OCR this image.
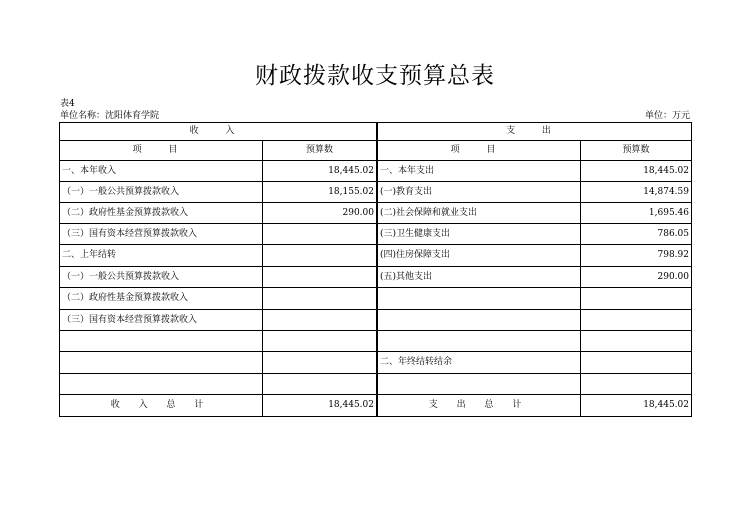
财政拨款收支预算总表
表4
单位名称：沈阳体育学院	单位：万元
收 入		支 出	
项 目	预算数		项 目	预算数
一、本年收入	18,445.02		一、本年支出	18,445.02
（一）一般公共预算拨款收入	18,155.02		(一)教育支出	14,874.59
（二）政府性基金预算拨款收入	290.00		(二)社会保障和就业支出	1,695.46
（三）国有资本经营预算拨款收入			(三)卫生健康支出	786.05
二、上年结转			(四)住房保障支出	798.92
（一）一般公共预算拨款收入			(五)其他支出	290.00
（二）政府性基金预算拨款收入				
（三）国有资本经营预算拨款收入				

			二、年终结转结余	

收 入 总 计	18,445.02		支 出 总 计	18,445.02
